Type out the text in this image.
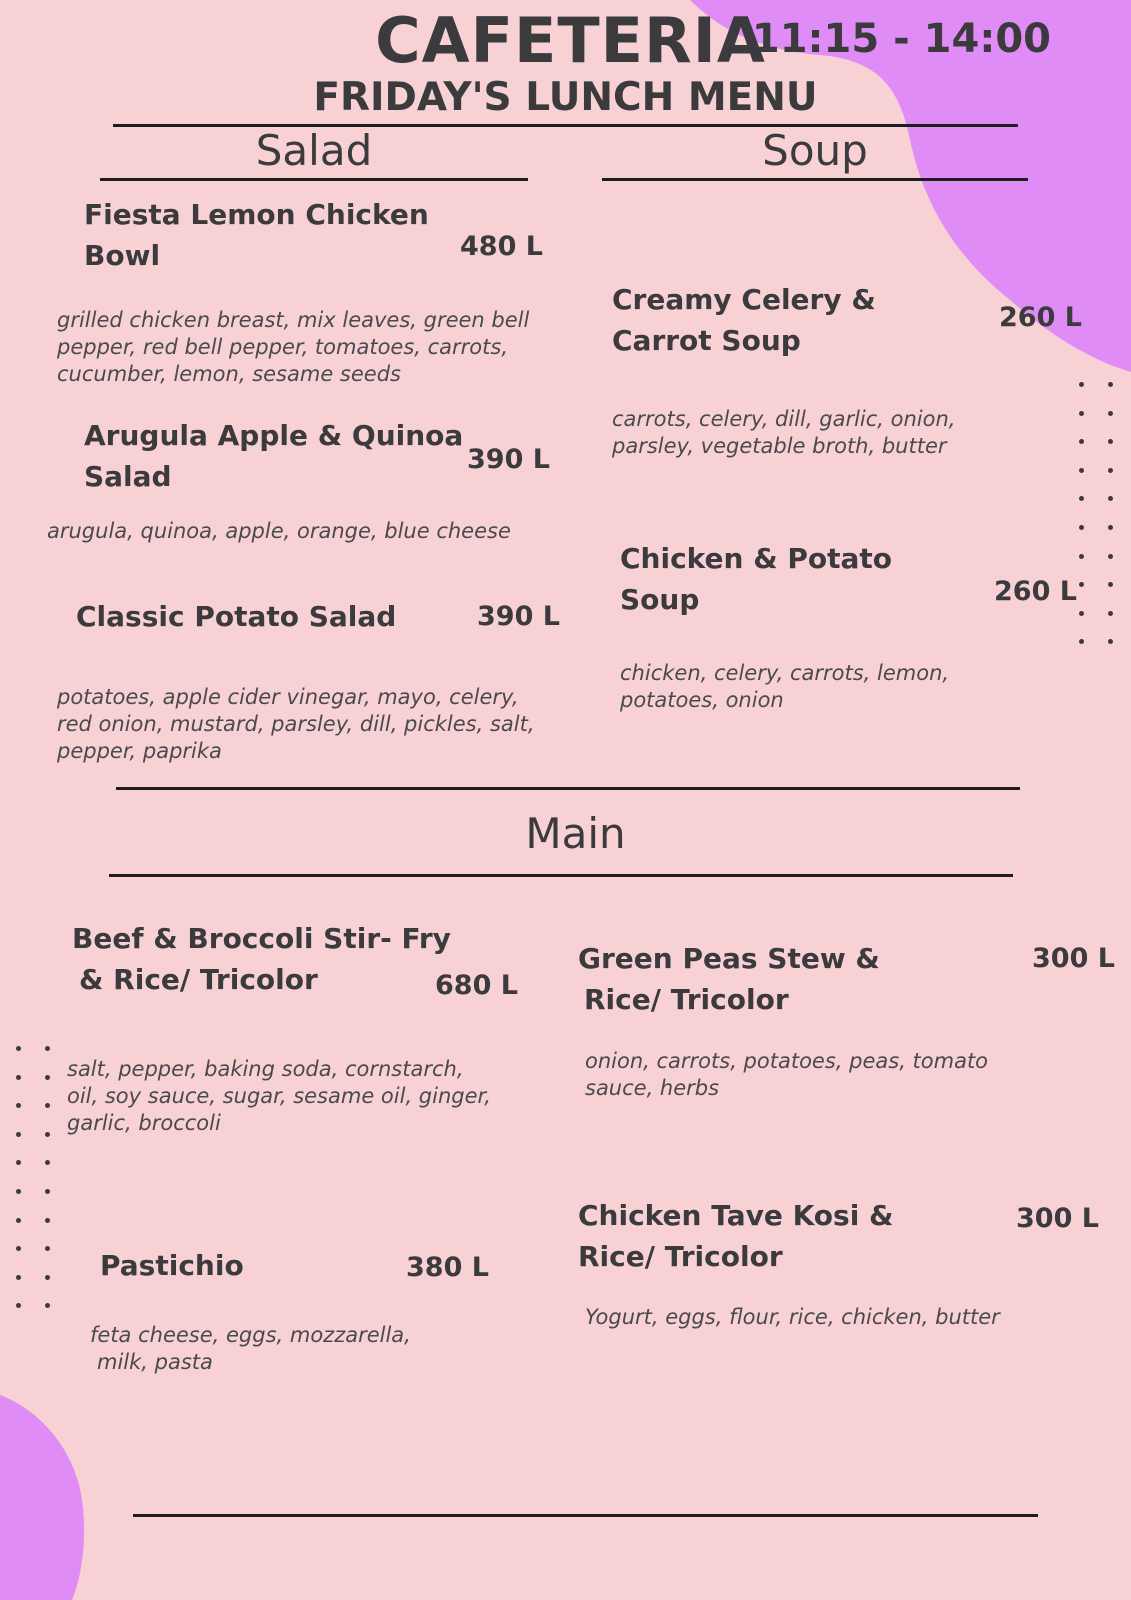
CAFETERIA
11:15 - 14:00
FRIDAY'S LUNCH MENU
Salad	Soup
Fiesta Lemon Chicken
Bowl	480 L
grilled chicken breast, mix leaves, green bell
pepper, red bell pepper, tomatoes, carrots,
cucumber, lemon, sesame seeds
Arugula Apple & Quinoa
Salad
390 L
arugula, quinoa, apple, orange, blue cheese
Classic Potato Salad	390 L
potatoes, apple cider vinegar, mayo, celery,
red onion, mustard, parsley, dill, pickles, salt,
pepper, paprika
Creamy Celery &
Carrot Soup
260 L
carrots, celery, dill, garlic, onion,
parsley, vegetable broth, butter
Chicken & Potato
Soup	260 L
chicken, celery, carrots, lemon,
potatoes, onion
Main
Beef & Broccoli Stir- Fry
& Rice/ Tricolor	680 L
salt, pepper, baking soda, cornstarch,
oil, soy sauce, sugar, sesame oil, ginger,
garlic, broccoli
Pastichio	380 L
feta cheese, eggs, mozzarella,
milk, pasta
Green Peas Stew &
Rice/ Tricolor
300 L
onion, carrots, potatoes, peas, tomato
sauce, herbs
Chicken Tave Kosi &
Rice/ Tricolor
300 L
Yogurt, eggs, flour, rice, chicken, butter
